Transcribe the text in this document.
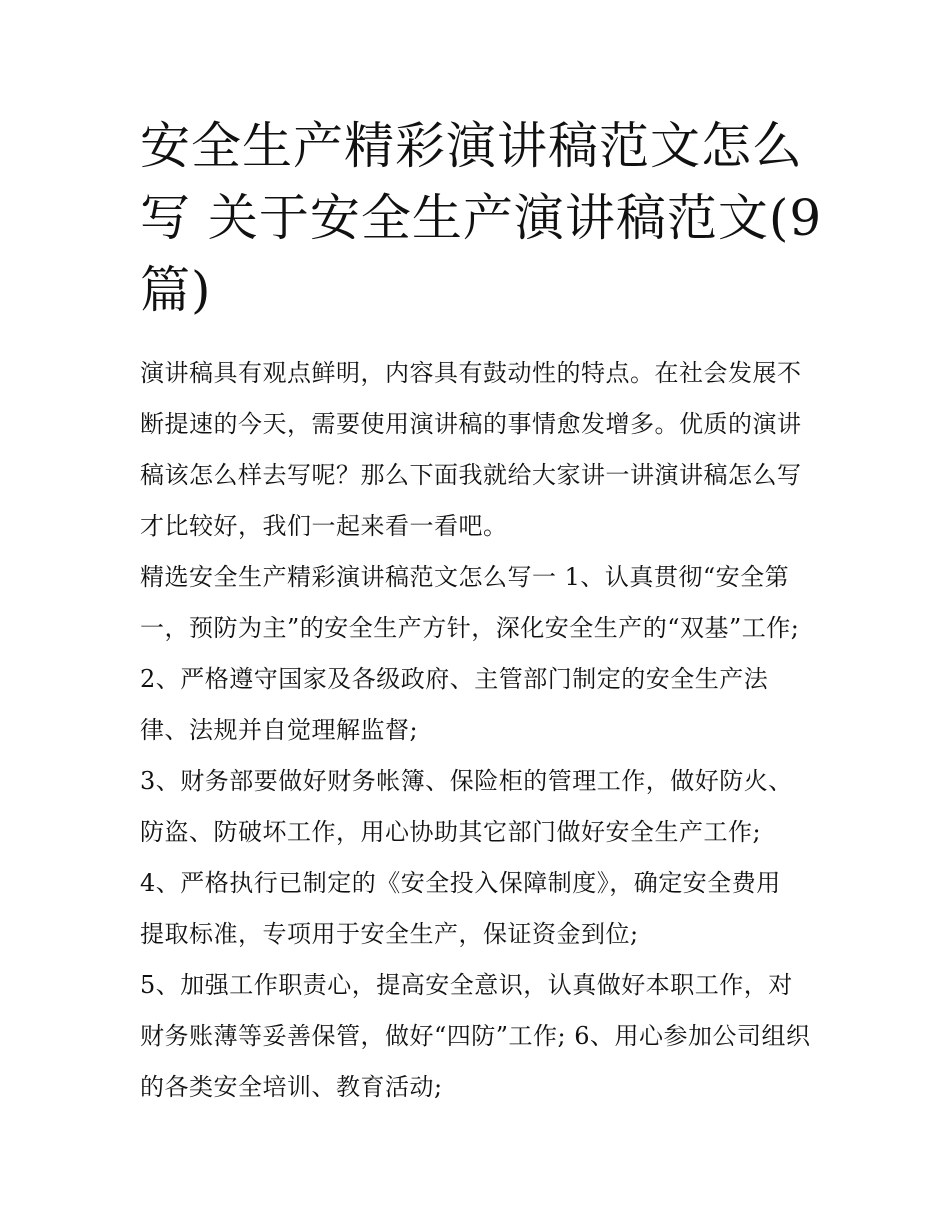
安全生产精彩演讲稿范文怎么
写 关于安全生产演讲稿范文(9
篇)
演讲稿具有观点鲜明，内容具有鼓动性的特点。在社会发展不
断提速的今天，需要使用演讲稿的事情愈发增多。优质的演讲
稿该怎么样去写呢？那么下面我就给大家讲一讲演讲稿怎么写
才比较好，我们一起来看一看吧。
精选安全生产精彩演讲稿范文怎么写一 1、认真贯彻“安全第
一，预防为主”的安全生产方针，深化安全生产的“双基”工作;
2、严格遵守国家及各级政府、主管部门制定的安全生产法
律、法规并自觉理解监督;
3、财务部要做好财务帐簿、保险柜的管理工作，做好防火、
防盗、防破坏工作，用心协助其它部门做好安全生产工作;
4、严格执行已制定的《安全投入保障制度》，确定安全费用
提取标准，专项用于安全生产，保证资金到位;
5、加强工作职责心，提高安全意识，认真做好本职工作，对
财务账薄等妥善保管，做好“四防”工作; 6、用心参加公司组织
的各类安全培训、教育活动;
